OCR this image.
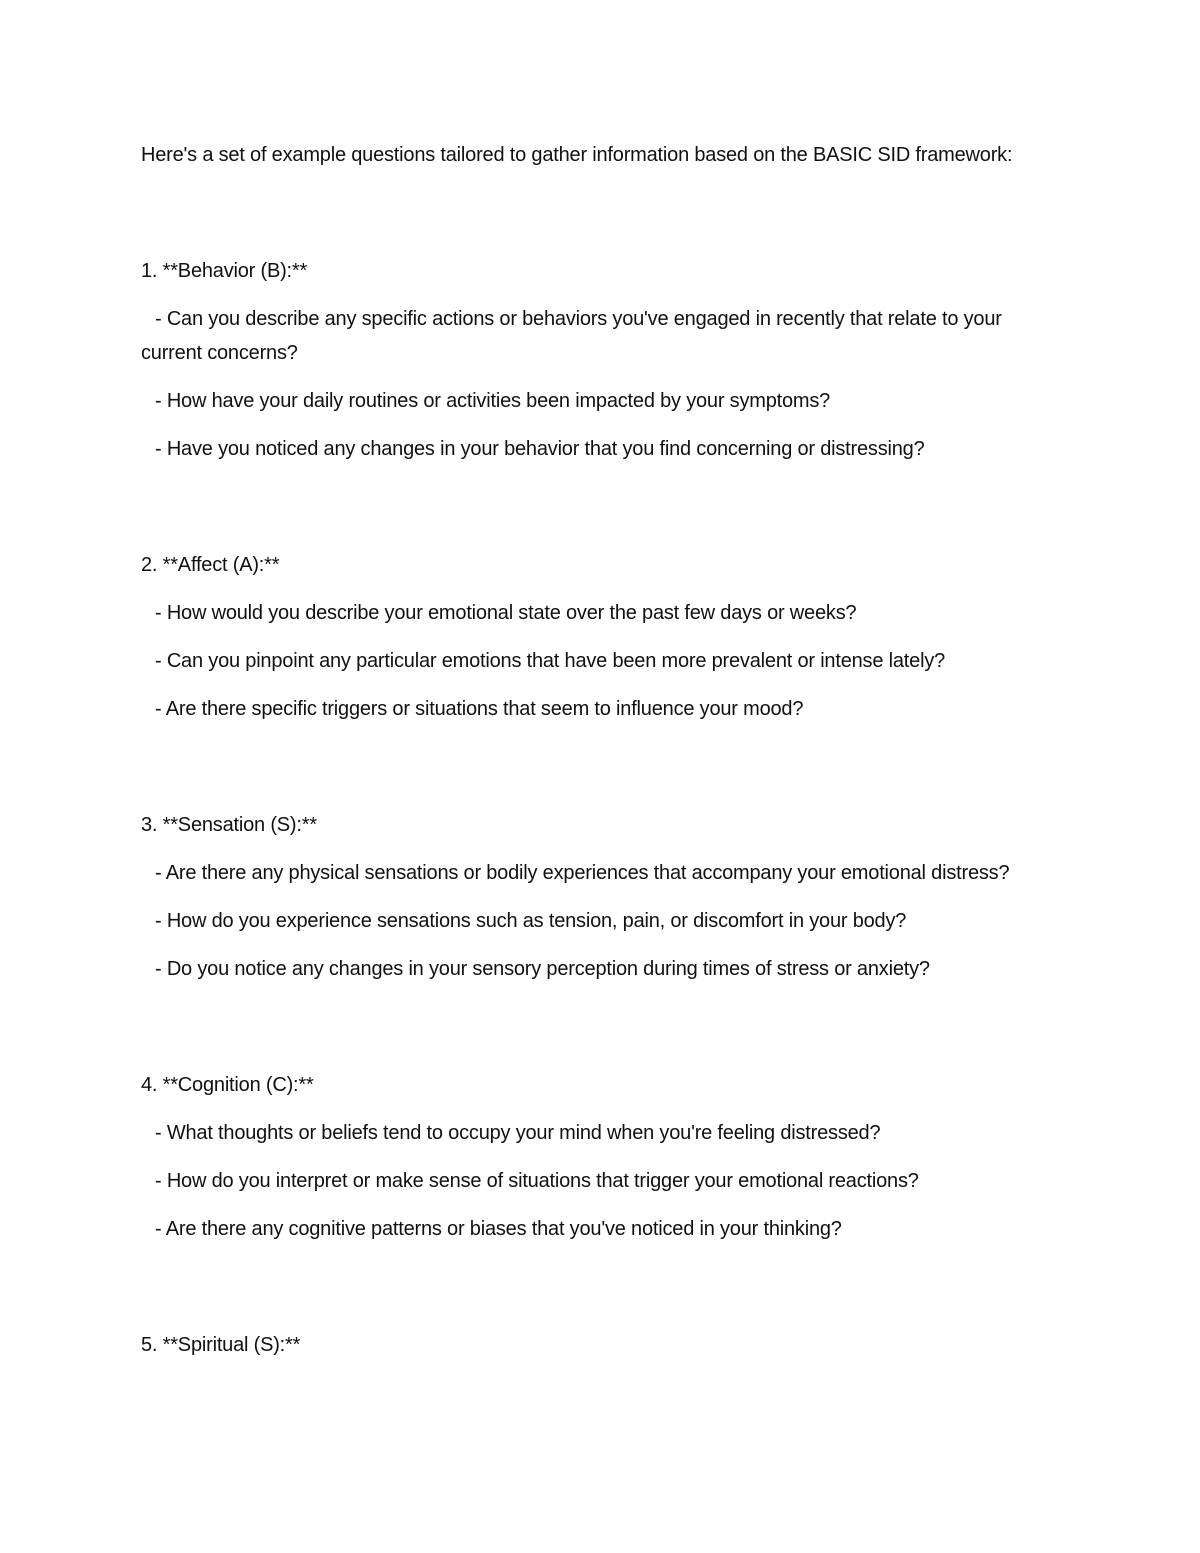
Here's a set of example questions tailored to gather information based on the BASIC SID framework:

1. **Behavior (B):**

- Can you describe any specific actions or behaviors you've engaged in recently that relate to your current concerns?
- How have your daily routines or activities been impacted by your symptoms?
- Have you noticed any changes in your behavior that you find concerning or distressing?

2. **Affect (A):**

- How would you describe your emotional state over the past few days or weeks?
- Can you pinpoint any particular emotions that have been more prevalent or intense lately?
- Are there specific triggers or situations that seem to influence your mood?

3. **Sensation (S):**

- Are there any physical sensations or bodily experiences that accompany your emotional distress?
- How do you experience sensations such as tension, pain, or discomfort in your body?
- Do you notice any changes in your sensory perception during times of stress or anxiety?

4. **Cognition (C):**

- What thoughts or beliefs tend to occupy your mind when you're feeling distressed?
- How do you interpret or make sense of situations that trigger your emotional reactions?
- Are there any cognitive patterns or biases that you've noticed in your thinking?

5. **Spiritual (S):**
